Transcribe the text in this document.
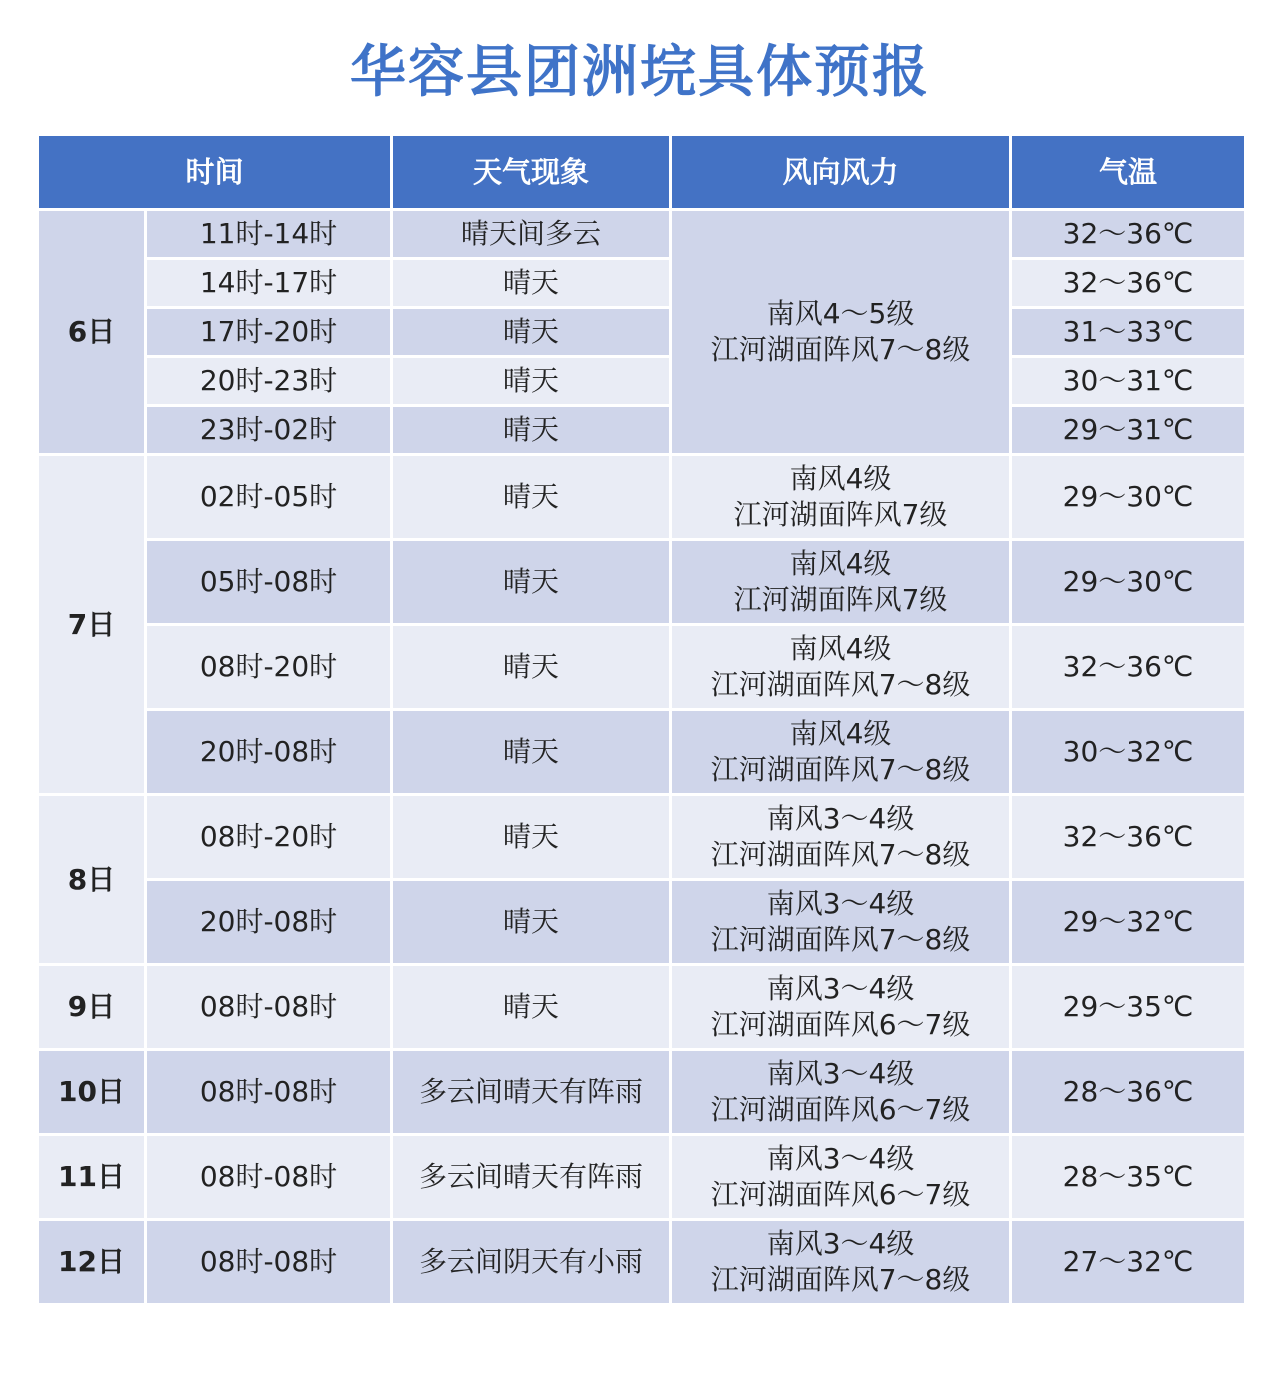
华容县团洲垸具体预报
时间		天气现象	风向风力	气温
6日	11时-14时	晴天间多云	南风4～5级
江河湖面阵风7～8级	32～36℃
	14时-17时	晴天		32～36℃
	17时-20时	晴天		31～33℃
	20时-23时	晴天		30～31℃
	23时-02时	晴天		29～31℃
7日	02时-05时	晴天	南风4级
江河湖面阵风7级	29～30℃
	05时-08时	晴天	南风4级
江河湖面阵风7级	29～30℃
	08时-20时	晴天	南风4级
江河湖面阵风7～8级	32～36℃
	20时-08时	晴天	南风4级
江河湖面阵风7～8级	30～32℃
8日	08时-20时	晴天	南风3～4级
江河湖面阵风7～8级	32～36℃
	20时-08时	晴天	南风3～4级
江河湖面阵风7～8级	29～32℃
9日	08时-08时	晴天	南风3～4级
江河湖面阵风6～7级	29～35℃
10日	08时-08时	多云间晴天有阵雨	南风3～4级
江河湖面阵风6～7级	28～36℃
11日	08时-08时	多云间晴天有阵雨	南风3～4级
江河湖面阵风6～7级	28～35℃
12日	08时-08时	多云间阴天有小雨	南风3～4级
江河湖面阵风7～8级	27～32℃
